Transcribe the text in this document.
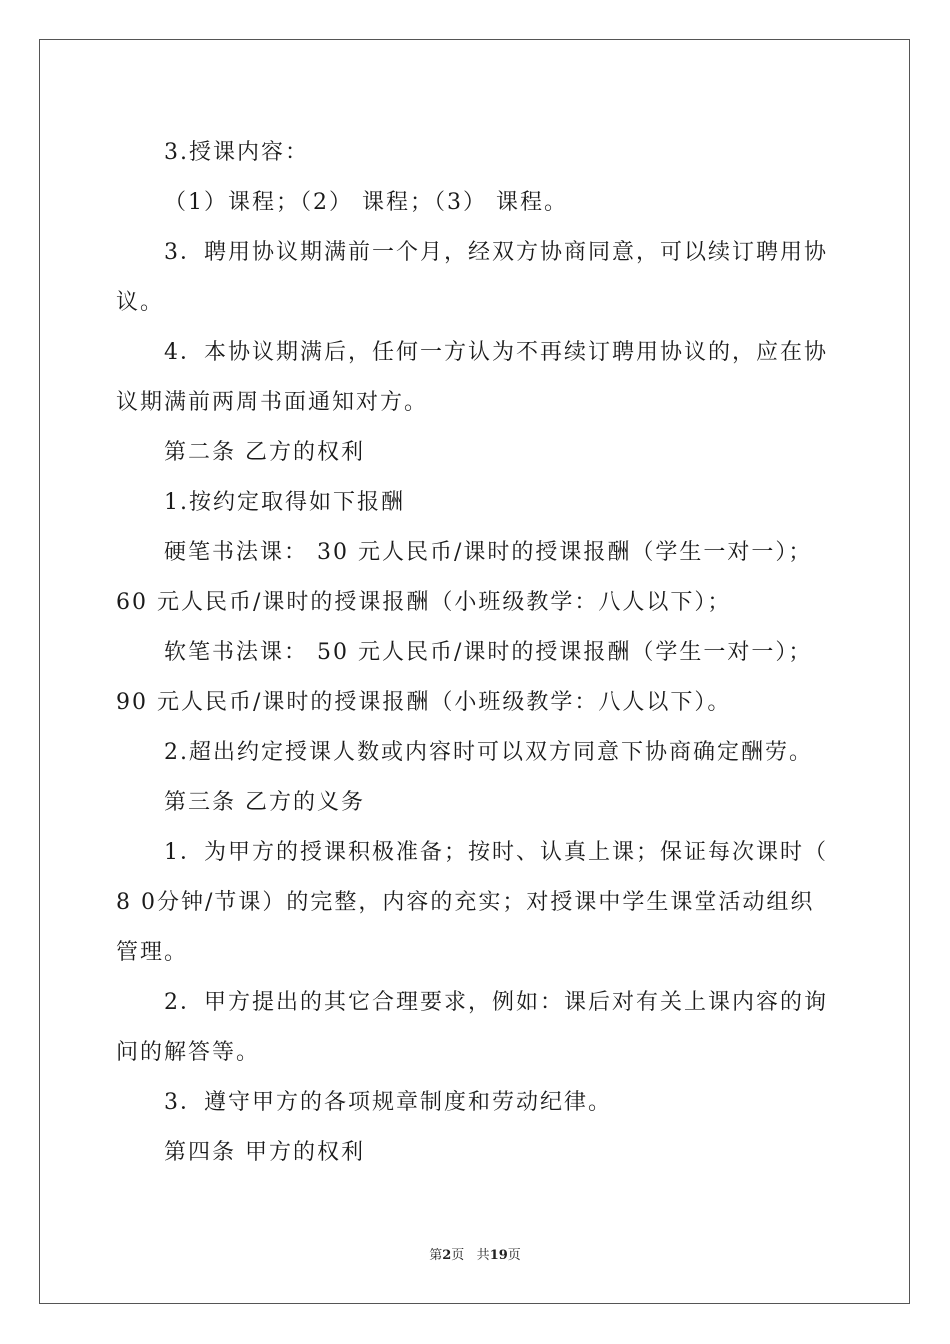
3.授课内容：
（1）课程；（2） 课程；（3） 课程。
3．聘用协议期满前一个月，经双方协商同意，可以续订聘用协
议。
4．本协议期满后，任何一方认为不再续订聘用协议的，应在协
议期满前两周书面通知对方。
第二条 乙方的权利
1.按约定取得如下报酬
硬笔书法课： 30 元人民币/课时的授课报酬（学生一对一）；
60 元人民币/课时的授课报酬（小班级教学：八人以下）；
软笔书法课： 50 元人民币/课时的授课报酬（学生一对一）；
90 元人民币/课时的授课报酬（小班级教学：八人以下）。
2.超出约定授课人数或内容时可以双方同意下协商确定酬劳。
第三条 乙方的义务
1．为甲方的授课积极准备；按时、认真上课；保证每次课时（
8 0分钟/节课）的完整，内容的充实；对授课中学生课堂活动组织
管理。
2．甲方提出的其它合理要求，例如：课后对有关上课内容的询
问的解答等。
3．遵守甲方的各项规章制度和劳动纪律。
第四条 甲方的权利
第2页 共19页
